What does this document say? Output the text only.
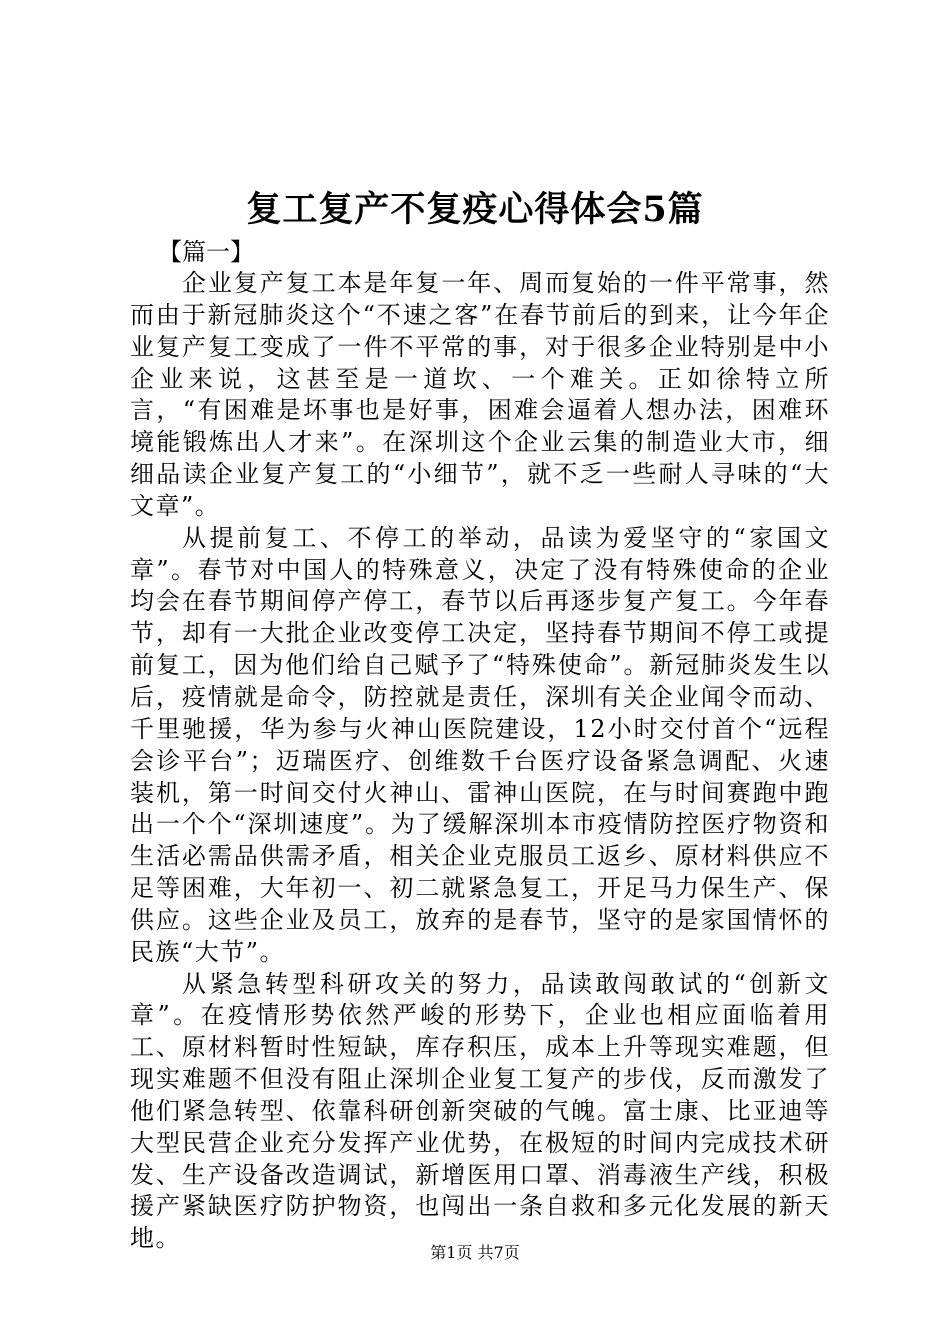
复工复产不复疫心得体会5篇
【篇一】

企业复产复工本是年复一年、周而复始的一件平常事，然而由于新冠肺炎这个“不速之客”在春节前后的到来，让今年企业复产复工变成了一件不平常的事，对于很多企业特别是中小企业来说，这甚至是一道坎、一个难关。正如徐特立所言，“有困难是坏事也是好事，困难会逼着人想办法，困难环境能锻炼出人才来”。在深圳这个企业云集的制造业大市，细细品读企业复产复工的“小细节”，就不乏一些耐人寻味的“大文章”。

从提前复工、不停工的举动，品读为爱坚守的“家国文章”。春节对中国人的特殊意义，决定了没有特殊使命的企业均会在春节期间停产停工，春节以后再逐步复产复工。今年春节，却有一大批企业改变停工决定，坚持春节期间不停工或提前复工，因为他们给自己赋予了“特殊使命”。新冠肺炎发生以后，疫情就是命令，防控就是责任，深圳有关企业闻令而动、千里驰援，华为参与火神山医院建设，12小时交付首个“远程会诊平台”；迈瑞医疗、创维数千台医疗设备紧急调配、火速装机，第一时间交付火神山、雷神山医院，在与时间赛跑中跑出一个个“深圳速度”。为了缓解深圳本市疫情防控医疗物资和生活必需品供需矛盾，相关企业克服员工返乡、原材料供应不足等困难，大年初一、初二就紧急复工，开足马力保生产、保供应。这些企业及员工，放弃的是春节，坚守的是家国情怀的民族“大节”。

从紧急转型科研攻关的努力，品读敢闯敢试的“创新文章”。在疫情形势依然严峻的形势下，企业也相应面临着用工、原材料暂时性短缺，库存积压，成本上升等现实难题，但现实难题不但没有阻止深圳企业复工复产的步伐，反而激发了他们紧急转型、依靠科研创新突破的气魄。富士康、比亚迪等大型民营企业充分发挥产业优势，在极短的时间内完成技术研发、生产设备改造调试，新增医用口罩、消毒液生产线，积极援产紧缺医疗防护物资，也闯出一条自救和多元化发展的新天地。

第1页 共7页
